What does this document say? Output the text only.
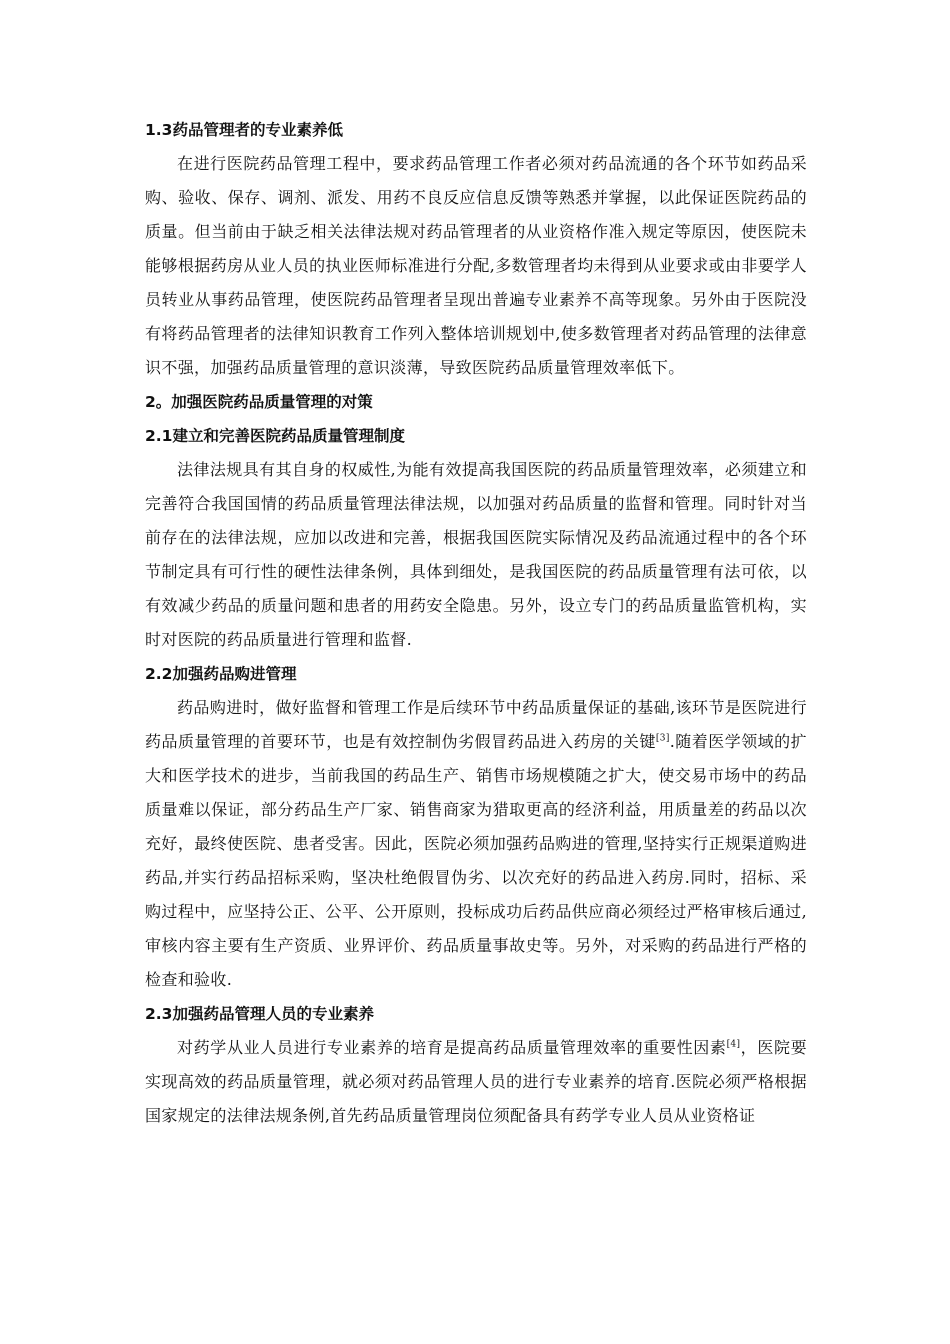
1.3药品管理者的专业素养低

在进行医院药品管理工程中，要求药品管理工作者必须对药品流通的各个环节如药品采购、验收、保存、调剂、派发、用药不良反应信息反馈等熟悉并掌握，以此保证医院药品的质量。但当前由于缺乏相关法律法规对药品管理者的从业资格作准入规定等原因，使医院未能够根据药房从业人员的执业医师标准进行分配,多数管理者均未得到从业要求或由非要学人员转业从事药品管理，使医院药品管理者呈现出普遍专业素养不高等现象。另外由于医院没有将药品管理者的法律知识教育工作列入整体培训规划中,使多数管理者对药品管理的法律意识不强，加强药品质量管理的意识淡薄，导致医院药品质量管理效率低下。

2。加强医院药品质量管理的对策
2.1建立和完善医院药品质量管理制度

法律法规具有其自身的权威性,为能有效提高我国医院的药品质量管理效率，必须建立和完善符合我国国情的药品质量管理法律法规，以加强对药品质量的监督和管理。同时针对当前存在的法律法规，应加以改进和完善，根据我国医院实际情况及药品流通过程中的各个环节制定具有可行性的硬性法律条例，具体到细处，是我国医院的药品质量管理有法可依，以有效减少药品的质量问题和患者的用药安全隐患。另外，设立专门的药品质量监管机构，实时对医院的药品质量进行管理和监督.

2.2加强药品购进管理

药品购进时，做好监督和管理工作是后续环节中药品质量保证的基础,该环节是医院进行药品质量管理的首要环节，也是有效控制伪劣假冒药品进入药房的关键[3].随着医学领域的扩大和医学技术的进步，当前我国的药品生产、销售市场规模随之扩大，使交易市场中的药品质量难以保证，部分药品生产厂家、销售商家为猎取更高的经济利益，用质量差的药品以次充好，最终使医院、患者受害。因此，医院必须加强药品购进的管理,坚持实行正规渠道购进药品,并实行药品招标采购，坚决杜绝假冒伪劣、以次充好的药品进入药房.同时，招标、采购过程中，应坚持公正、公平、公开原则，投标成功后药品供应商必须经过严格审核后通过,审核内容主要有生产资质、业界评价、药品质量事故史等。另外，对采购的药品进行严格的检查和验收.

2.3加强药品管理人员的专业素养

对药学从业人员进行专业素养的培育是提高药品质量管理效率的重要性因素[4]，医院要实现高效的药品质量管理，就必须对药品管理人员的进行专业素养的培育.医院必须严格根据国家规定的法律法规条例,首先药品质量管理岗位须配备具有药学专业人员从业资格证
